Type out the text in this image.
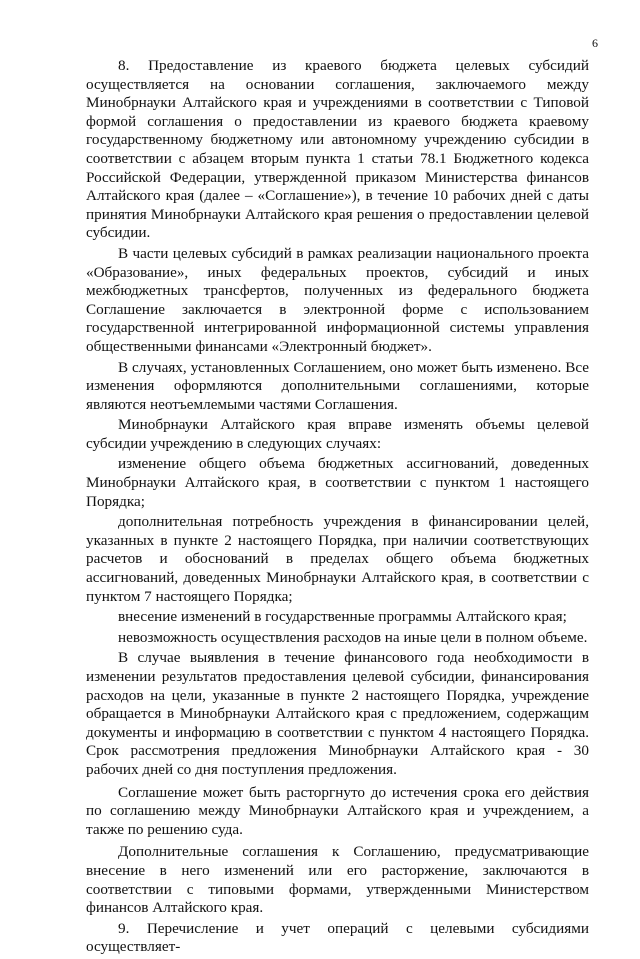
6

8. Предоставление из краевого бюджета целевых субсидий осуществляется на основании соглашения, заключаемого между Минобрнауки Алтайского края и учреждениями в соответствии с Типовой формой соглашения о предоставлении из краевого бюджета краевому государственному бюджетному или автономному учреждению субсидии в соответствии с абзацем вторым пункта 1 статьи 78.1 Бюджетного кодекса Российской Федерации, утвержденной приказом Министерства финансов Алтайского края (далее – «Соглашение»), в течение 10 рабочих дней с даты принятия Минобрнауки Алтайского края решения о предоставлении целевой субсидии.

В части целевых субсидий в рамках реализации национального проекта «Образование», иных федеральных проектов, субсидий и иных межбюджетных трансфертов, полученных из федерального бюджета Соглашение заключается в электронной форме с использованием государственной интегрированной информационной системы управления общественными финансами «Электронный бюджет».

В случаях, установленных Соглашением, оно может быть изменено. Все изменения оформляются дополнительными соглашениями, которые являются неотъемлемыми частями Соглашения.

Минобрнауки Алтайского края вправе изменять объемы целевой субсидии учреждению в следующих случаях:

изменение общего объема бюджетных ассигнований, доведенных Минобрнауки Алтайского края, в соответствии с пунктом 1 настоящего Порядка;

дополнительная потребность учреждения в финансировании целей, указанных в пункте 2 настоящего Порядка, при наличии соответствующих расчетов и обоснований в пределах общего объема бюджетных ассигнований, доведенных Минобрнауки Алтайского края, в соответствии с пунктом 7 настоящего Порядка;

внесение изменений в государственные программы Алтайского края;

невозможность осуществления расходов на иные цели в полном объеме.

В случае выявления в течение финансового года необходимости в изменении результатов предоставления целевой субсидии, финансирования расходов на цели, указанные в пункте 2 настоящего Порядка, учреждение обращается в Минобрнауки Алтайского края с предложением, содержащим документы и информацию в соответствии с пунктом 4 настоящего Порядка. Срок рассмотрения предложения Минобрнауки Алтайского края - 30 рабочих дней со дня поступления предложения.

Соглашение может быть расторгнуто до истечения срока его действия по соглашению между Минобрнауки Алтайского края и учреждением, а также по решению суда.

Дополнительные соглашения к Соглашению, предусматривающие внесение в него изменений или его расторжение, заключаются в соответствии с типовыми формами, утвержденными Министерством финансов Алтайского края.

9. Перечисление и учет операций с целевыми субсидиями осуществляет-
